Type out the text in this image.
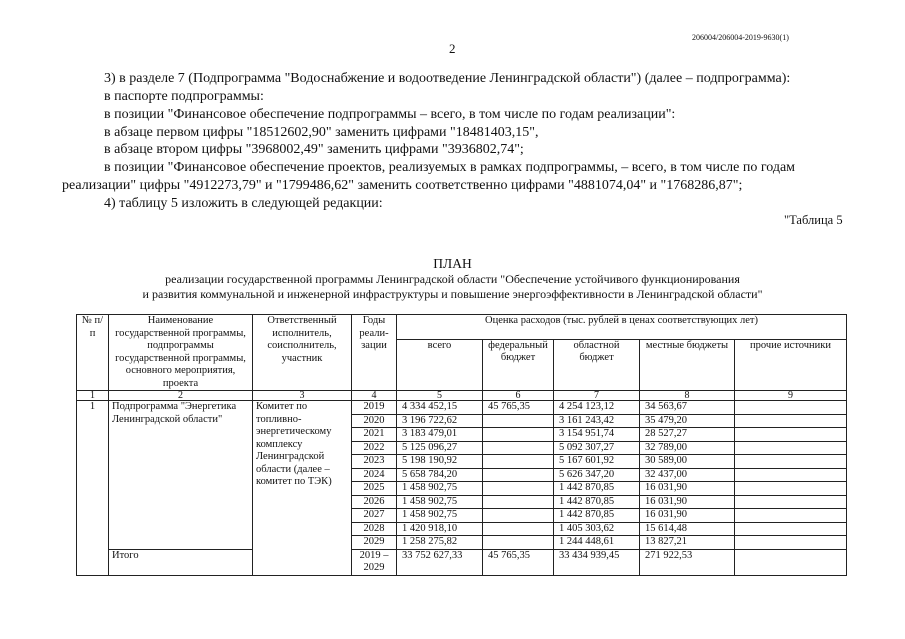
206004/206004-2019-9630(1)
2

3) в разделе 7 (Подпрограмма "Водоснабжение и водоотведение Ленинградской области") (далее – подпрограмма):

в паспорте подпрограммы:

в позиции "Финансовое обеспечение подпрограммы – всего, в том числе по годам реализации":

в абзаце первом цифры "18512602,90" заменить цифрами "18481403,15",

в абзаце втором цифры "3968002,49" заменить цифрами "3936802,74";

в позиции "Финансовое обеспечение проектов, реализуемых в рамках подпрограммы, – всего, в том числе по годам

реализации" цифры "4912273,79" и "1799486,62" заменить соответственно цифрами "4881074,04" и "1768286,87";

4) таблицу 5 изложить в следующей редакции:

"Таблица 5

ПЛАН

реализации государственной программы Ленинградской области "Обеспечение устойчивого функционирования

и развития коммунальной и инженерной инфраструктуры и повышение энергоэффективности в Ленинградской области"

№ п/п	Наименование государственной программы, подпрограммы государственной программы, основного мероприятия, проекта	Ответственный исполнитель, соисполнитель, участник	Годы реали- зации	Оценка расходов (тыс. рублей в ценах соответствующих лет)				
				всего	федеральный бюджет	областной бюджет	местные бюджеты	прочие источники
1	2	3	4	5	6	7	8	9
1	Подпрограмма "Энергетика Ленинградской области"	Комитет по топливно- энергетическому комплексу Ленинградской области (далее – комитет по ТЭК)	2019	4 334 452,15	45 765,35	4 254 123,12	34 563,67	
			2020	3 196 722,62		3 161 243,42	35 479,20	
			2021	3 183 479,01		3 154 951,74	28 527,27	
			2022	5 125 096,27		5 092 307,27	32 789,00	
			2023	5 198 190,92		5 167 601,92	30 589,00	
			2024	5 658 784,20		5 626 347,20	32 437,00	
			2025	1 458 902,75		1 442 870,85	16 031,90	
			2026	1 458 902,75		1 442 870,85	16 031,90	
			2027	1 458 902,75		1 442 870,85	16 031,90	
			2028	1 420 918,10		1 405 303,62	15 614,48	
			2029	1 258 275,82		1 244 448,61	13 827,21	
	Итого		2019 – 2029	33 752 627,33	45 765,35	33 434 939,45	271 922,53	
